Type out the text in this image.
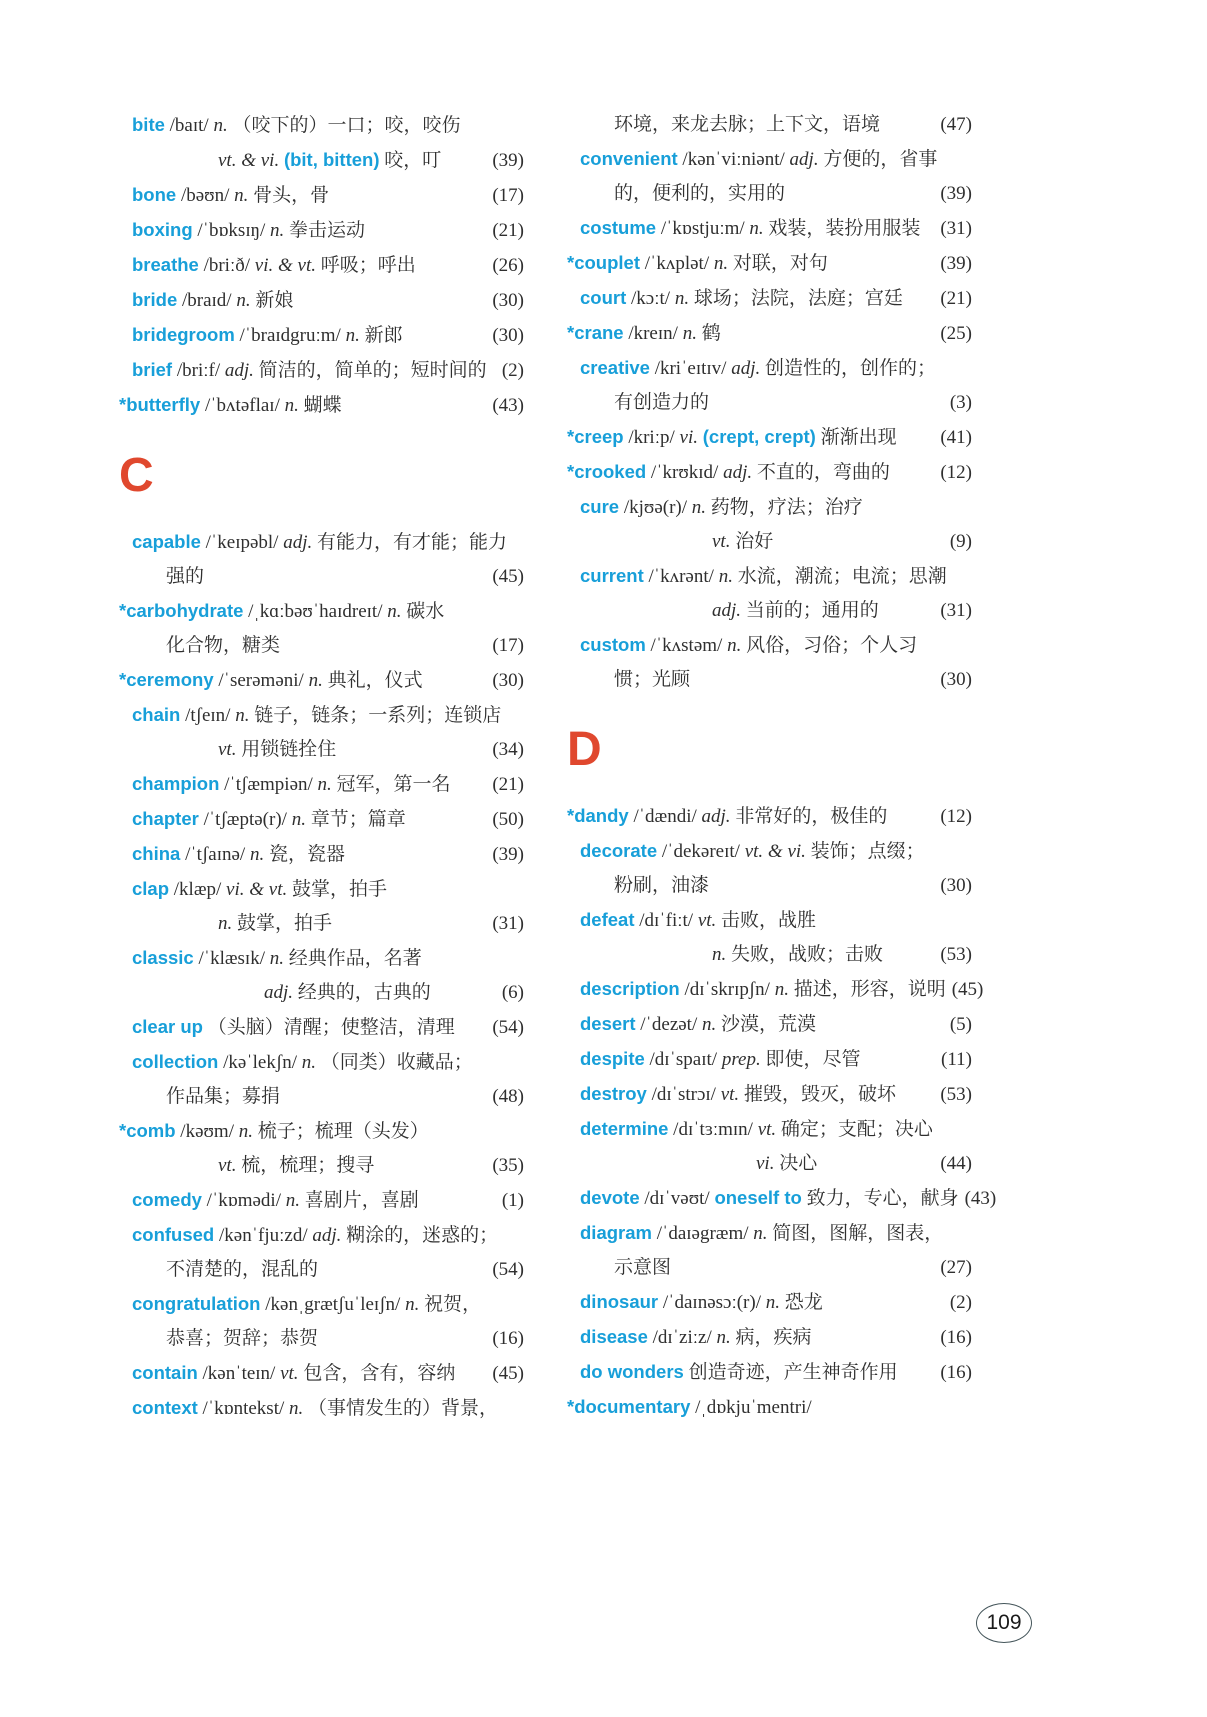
bite /baɪt/ n. （咬下的）一口；咬，咬伤
vt. & vi. (bit, bitten) 咬，叮	(39)
bone /bəʊn/ n. 骨头，骨	(17)
boxing /ˈbɒksɪŋ/ n. 拳击运动	(21)
breathe /briːð/ vi. & vt. 呼吸；呼出	(26)
bride /braɪd/ n. 新娘	(30)
bridegroom /ˈbraɪdgruːm/ n. 新郎	(30)
brief /briːf/ adj. 简洁的，简单的；短时间的 (2)
*butterfly /ˈbʌtəflaɪ/ n. 蝴蝶	(43)
C
capable /ˈkeɪpəbl/ adj. 有能力，有才能；能力
强的	(45)
*carbohydrate /ˌkɑːbəʊˈhaɪdreɪt/ n. 碳水
化合物，糖类	(17)
*ceremony /ˈserəməni/ n. 典礼，仪式	(30)
chain /tʃeɪn/ n. 链子，链条；一系列；连锁店
vt. 用锁链拴住	(34)
champion /ˈtʃæmpiən/ n. 冠军，第一名	(21)
chapter /ˈtʃæptə(r)/ n. 章节；篇章	(50)
china /ˈtʃaɪnə/ n. 瓷，瓷器	(39)
clap /klæp/ vi. & vt. 鼓掌，拍手
n. 鼓掌，拍手	(31)
classic /ˈklæsɪk/ n. 经典作品，名著
adj. 经典的，古典的	(6)
clear up （头脑）清醒；使整洁，清理	(54)
collection /kəˈlekʃn/ n. （同类）收藏品；
作品集；募捐	(48)
*comb /kəʊm/ n. 梳子；梳理（头发）
vt. 梳，梳理；搜寻	(35)
comedy /ˈkɒmədi/ n. 喜剧片，喜剧	(1)
confused /kənˈfjuːzd/ adj. 糊涂的，迷惑的；
不清楚的，混乱的	(54)
congratulation /kənˌgrætʃuˈleɪʃn/ n. 祝贺，
恭喜；贺辞；恭贺	(16)
contain /kənˈteɪn/ vt. 包含，含有，容纳	(45)
context /ˈkɒntekst/ n. （事情发生的）背景，
环境，来龙去脉；上下文，语境	(47)
convenient /kənˈviːniənt/ adj. 方便的，省事
的，便利的，实用的	(39)
costume /ˈkɒstjuːm/ n. 戏装，装扮用服装	(31)
*couplet /ˈkʌplət/ n. 对联，对句	(39)
court /kɔːt/ n. 球场；法院，法庭；宫廷	(21)
*crane /kreɪn/ n. 鹤	(25)
creative /kriˈeɪtɪv/ adj. 创造性的，创作的；
有创造力的	(3)
*creep /kriːp/ vi. (crept, crept) 渐渐出现	(41)
*crooked /ˈkrʊkɪd/ adj. 不直的，弯曲的	(12)
cure /kjʊə(r)/ n. 药物，疗法；治疗
vt. 治好	(9)
current /ˈkʌrənt/ n. 水流，潮流；电流；思潮
adj. 当前的；通用的	(31)
custom /ˈkʌstəm/ n. 风俗，习俗；个人习
惯；光顾	(30)
D
*dandy /ˈdændi/ adj. 非常好的，极佳的	(12)
decorate /ˈdekəreɪt/ vt. & vi. 装饰；点缀；
粉刷，油漆	(30)
defeat /dɪˈfiːt/ vt. 击败，战胜
n. 失败，战败；击败	(53)
description /dɪˈskrɪpʃn/ n. 描述，形容，说明 (45)
desert /ˈdezət/ n. 沙漠，荒漠	(5)
despite /dɪˈspaɪt/ prep. 即使，尽管	(11)
destroy /dɪˈstrɔɪ/ vt. 摧毁，毁灭，破坏	(53)
determine /dɪˈtɜːmɪn/ vt. 确定；支配；决心
vi. 决心	(44)
devote /dɪˈvəʊt/ oneself to 致力，专心，献身 (43)
diagram /ˈdaɪəgræm/ n. 简图，图解，图表，
示意图	(27)
dinosaur /ˈdaɪnəsɔː(r)/ n. 恐龙	(2)
disease /dɪˈziːz/ n. 病，疾病	(16)
do wonders 创造奇迹，产生神奇作用	(16)
*documentary /ˌdɒkjuˈmentri/
109
